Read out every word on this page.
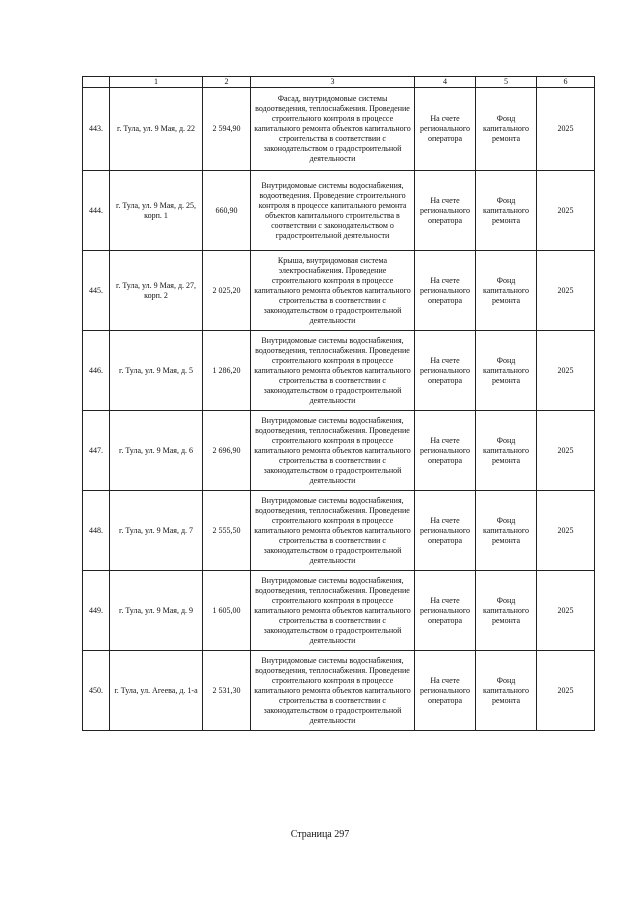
	1	2	3	4	5	6
443.	г. Тула, ул. 9 Мая, д. 22	2 594,90	Фасад, внутридомовые системы водоотведения, теплоснабжения. Проведение строительного контроля в процессе капитального ремонта объектов капитального строительства в соответствии с законодательством о градостроительной деятельности	На счете регионального оператора	Фонд капитального ремонта	2025
444.	г. Тула, ул. 9 Мая, д. 25, корп. 1	660,90	Внутридомовые системы водоснабжения, водоотведения. Проведение строительного контроля в процессе капитального ремонта объектов капитального строительства в соответствии с законодательством о градостроительной деятельности	На счете регионального оператора	Фонд капитального ремонта	2025
445.	г. Тула, ул. 9 Мая, д. 27, корп. 2	2 025,20	Крыша, внутридомовая система электроснабжения. Проведение строительного контроля в процессе капитального ремонта объектов капитального строительства в соответствии с законодательством о градостроительной деятельности	На счете регионального оператора	Фонд капитального ремонта	2025
446.	г. Тула, ул. 9 Мая, д. 5	1 286,20	Внутридомовые системы водоснабжения, водоотведения, теплоснабжения. Проведение строительного контроля в процессе капитального ремонта объектов капитального строительства в соответствии с законодательством о градостроительной деятельности	На счете регионального оператора	Фонд капитального ремонта	2025
447.	г. Тула, ул. 9 Мая, д. 6	2 696,90	Внутридомовые системы водоснабжения, водоотведения, теплоснабжения. Проведение строительного контроля в процессе капитального ремонта объектов капитального строительства в соответствии с законодательством о градостроительной деятельности	На счете регионального оператора	Фонд капитального ремонта	2025
448.	г. Тула, ул. 9 Мая, д. 7	2 555,50	Внутридомовые системы водоснабжения, водоотведения, теплоснабжения. Проведение строительного контроля в процессе капитального ремонта объектов капитального строительства в соответствии с законодательством о градостроительной деятельности	На счете регионального оператора	Фонд капитального ремонта	2025
449.	г. Тула, ул. 9 Мая, д. 9	1 605,00	Внутридомовые системы водоснабжения, водоотведения, теплоснабжения. Проведение строительного контроля в процессе капитального ремонта объектов капитального строительства в соответствии с законодательством о градостроительной деятельности	На счете регионального оператора	Фонд капитального ремонта	2025
450.	г. Тула, ул. Агеева, д. 1-а	2 531,30	Внутридомовые системы водоснабжения, водоотведения, теплоснабжения. Проведение строительного контроля в процессе капитального ремонта объектов капитального строительства в соответствии с законодательством о градостроительной деятельности	На счете регионального оператора	Фонд капитального ремонта	2025
Страница 297
